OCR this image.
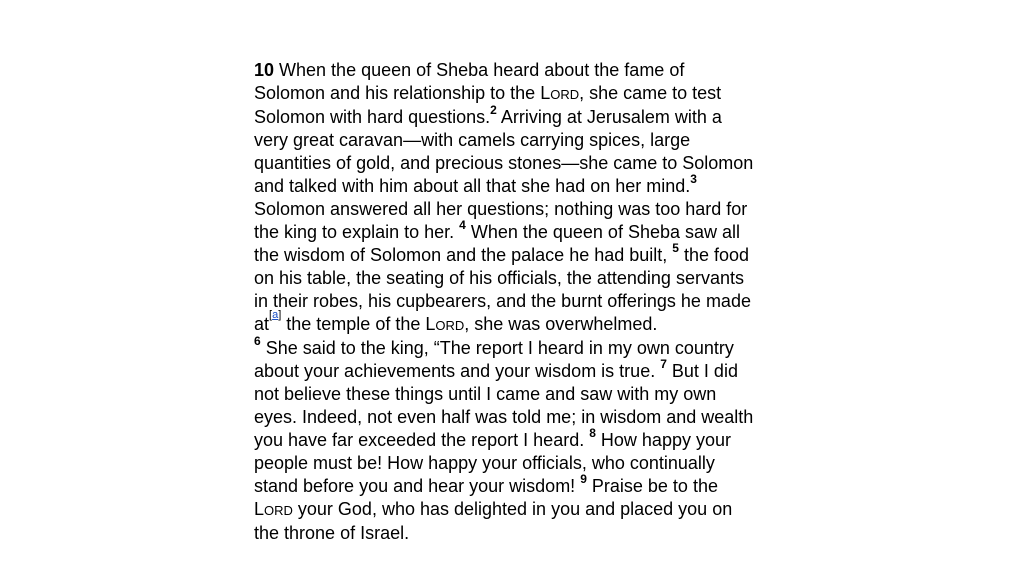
10 When the queen of Sheba heard about the fame of Solomon and his relationship to the LORD, she came to test Solomon with hard questions.$^2$ Arriving at Jerusalem with a very great caravan—with camels carrying spices, large quantities of gold, and precious stones—she came to Solomon and talked with him about all that she had on her mind.$^3$ Solomon answered all her questions; nothing was too hard for the king to explain to her. $^4$ When the queen of Sheba saw all the wisdom of Solomon and the palace he had built, $^5$ the food on his table, the seating of his officials, the attending servants in their robes, his cupbearers, and the burnt offerings he made at[a] the temple of the LORD, she was overwhelmed.

$^6$ She said to the king, “The report I heard in my own country about your achievements and your wisdom is true. $^7$ But I did not believe these things until I came and saw with my own eyes. Indeed, not even half was told me; in wisdom and wealth you have far exceeded the report I heard. $^8$ How happy your people must be! How happy your officials, who continually stand before you and hear your wisdom! $^9$ Praise be to the LORD your God, who has delighted in you and placed you on the throne of Israel.
